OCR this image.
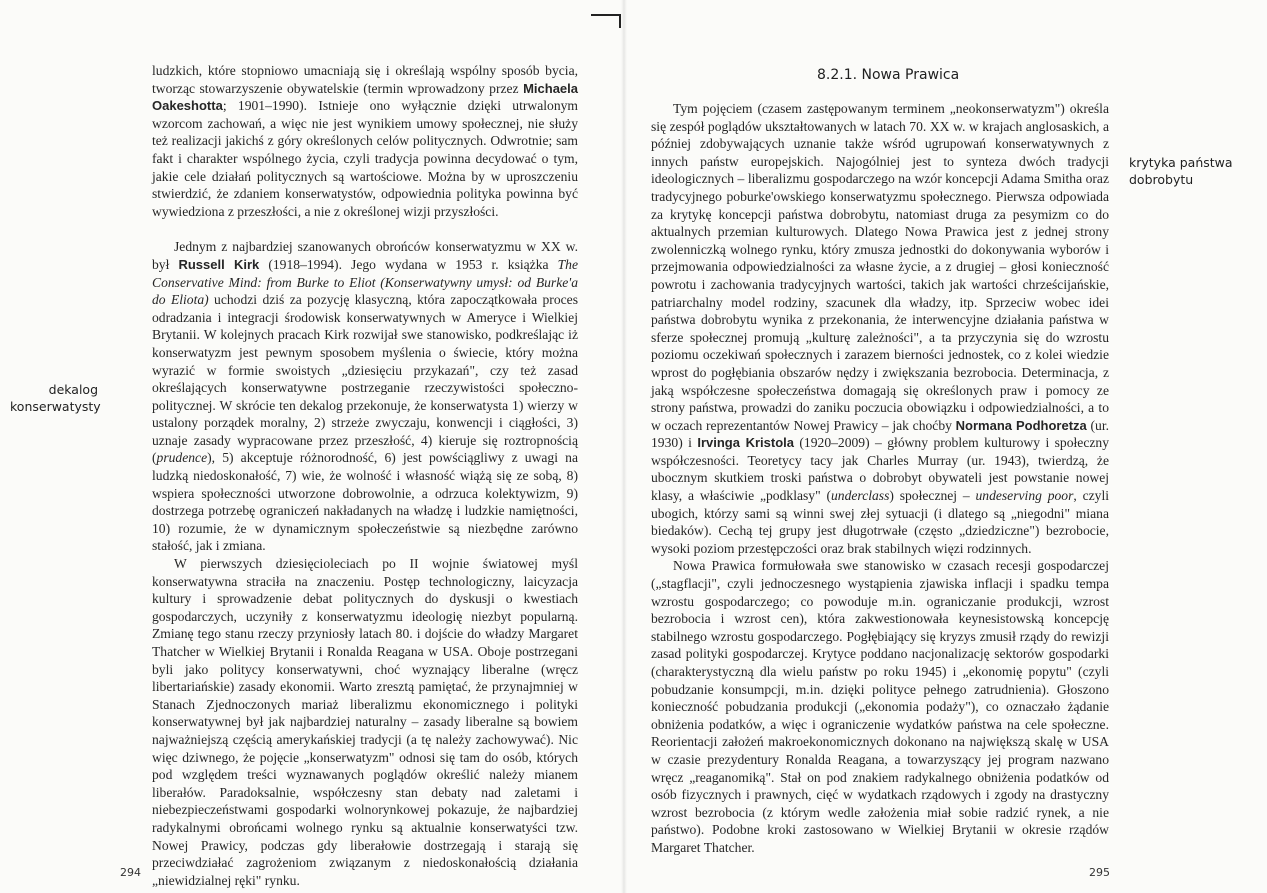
ludzkich, które stopniowo umacniają się i określają wspólny sposób bycia, tworząc stowarzyszenie obywatelskie (termin wprowadzony przez Michaela Oakeshotta; 1901–1990). Istnieje ono wyłącznie dzięki utrwalonym wzorcom zachowań, a więc nie jest wynikiem umowy społecznej, nie służy też realizacji jakichś z góry określonych celów politycznych. Odwrotnie; sam fakt i charakter wspólnego życia, czyli tradycja powinna decydować o tym, jakie cele działań politycznych są wartościowe. Można by w uproszczeniu stwierdzić, że zdaniem konserwatystów, odpowiednia polityka powinna być wywiedziona z przeszłości, a nie z określonej wizji przyszłości.

Jednym z najbardziej szanowanych obrońców konserwatyzmu w XX w. był Russell Kirk (1918–1994). Jego wydana w 1953 r. książka The Conservative Mind: from Burke to Eliot (Konserwatywny umysł: od Burke'a do Eliota) uchodzi dziś za pozycję klasyczną, która zapoczątkowała proces odradzania i integracji środowisk konserwatywnych w Ameryce i Wielkiej Brytanii. W kolejnych pracach Kirk rozwijał swe stanowisko, podkreślając iż konserwatyzm jest pewnym sposobem myślenia o świecie, który można wyrazić w formie swoistych „dziesięciu przykazań", czy też zasad określających konserwatywne postrzeganie rzeczywistości społeczno-politycznej. W skrócie ten dekalog przekonuje, że konserwatysta 1) wierzy w ustalony porządek moralny, 2) strzeże zwyczaju, konwencji i ciągłości, 3) uznaje zasady wypracowane przez przeszłość, 4) kieruje się roztropnością (prudence), 5) akceptuje różnorodność, 6) jest powściągliwy z uwagi na ludzką niedoskonałość, 7) wie, że wolność i własność wiążą się ze sobą, 8) wspiera społeczności utworzone dobrowolnie, a odrzuca kolektywizm, 9) dostrzega potrzebę ograniczeń nakładanych na władzę i ludzkie namiętności, 10) rozumie, że w dynamicznym społeczeństwie są niezbędne zarówno stałość, jak i zmiana.

W pierwszych dziesięcioleciach po II wojnie światowej myśl konserwatywna straciła na znaczeniu. Postęp technologiczny, laicyzacja kultury i sprowadzenie debat politycznych do dyskusji o kwestiach gospodarczych, uczyniły z konserwatyzmu ideologię niezbyt popularną. Zmianę tego stanu rzeczy przyniosły latach 80. i dojście do władzy Margaret Thatcher w Wielkiej Brytanii i Ronalda Reagana w USA. Oboje postrzegani byli jako politycy konserwatywni, choć wyznający liberalne (wręcz libertariańskie) zasady ekonomii. Warto zresztą pamiętać, że przynajmniej w Stanach Zjednoczonych mariaż liberalizmu ekonomicznego i polityki konserwatywnej był jak najbardziej naturalny – zasady liberalne są bowiem najważniejszą częścią amerykańskiej tradycji (a tę należy zachowywać). Nic więc dziwnego, że pojęcie „konserwatyzm" odnosi się tam do osób, których pod względem treści wyznawanych poglądów określić należy mianem liberałów. Paradoksalnie, współczesny stan debaty nad zaletami i niebezpieczeństwami gospodarki wolnorynkowej pokazuje, że najbardziej radykalnymi obrońcami wolnego rynku są aktualnie konserwatyści tzw. Nowej Prawicy, podczas gdy liberałowie dostrzegają i starają się przeciwdziałać zagrożeniom związanym z niedoskonałością działania „niewidzialnej ręki" rynku.

dekalog
konserwatysty
294
8.2.1. Nowa Prawica

Tym pojęciem (czasem zastępowanym terminem „neokonserwatyzm") określa się zespół poglądów ukształtowanych w latach 70. XX w. w krajach anglosaskich, a później zdobywających uznanie także wśród ugrupowań konserwatywnych z innych państw europejskich. Najogólniej jest to synteza dwóch tradycji ideologicznych – liberalizmu gospodarczego na wzór koncepcji Adama Smitha oraz tradycyjnego poburke'owskiego konserwatyzmu społecznego. Pierwsza odpowiada za krytykę koncepcji państwa dobrobytu, natomiast druga za pesymizm co do aktualnych przemian kulturowych. Dlatego Nowa Prawica jest z jednej strony zwolenniczką wolnego rynku, który zmusza jednostki do dokonywania wyborów i przejmowania odpowiedzialności za własne życie, a z drugiej – głosi konieczność powrotu i zachowania tradycyjnych wartości, takich jak wartości chrześcijańskie, patriarchalny model rodziny, szacunek dla władzy, itp. Sprzeciw wobec idei państwa dobrobytu wynika z przekonania, że interwencyjne działania państwa w sferze społecznej promują „kulturę zależności", a ta przyczynia się do wzrostu poziomu oczekiwań społecznych i zarazem bierności jednostek, co z kolei wiedzie wprost do pogłębiania obszarów nędzy i zwiększania bezrobocia. Determinacja, z jaką współczesne społeczeństwa domagają się określonych praw i pomocy ze strony państwa, prowadzi do zaniku poczucia obowiązku i odpowiedzialności, a to w oczach reprezentantów Nowej Prawicy – jak choćby Normana Podhoretza (ur. 1930) i Irvinga Kristola (1920–2009) – główny problem kulturowy i społeczny współczesności. Teoretycy tacy jak Charles Murray (ur. 1943), twierdzą, że ubocznym skutkiem troski państwa o dobrobyt obywateli jest powstanie nowej klasy, a właściwie „podklasy" (underclass) społecznej – undeserving poor, czyli ubogich, którzy sami są winni swej złej sytuacji (i dlatego są „niegodni" miana biedaków). Cechą tej grupy jest długotrwałe (często „dziedziczne") bezrobocie, wysoki poziom przestępczości oraz brak stabilnych więzi rodzinnych.

Nowa Prawica formułowała swe stanowisko w czasach recesji gospodarczej („stagflacji", czyli jednoczesnego wystąpienia zjawiska inflacji i spadku tempa wzrostu gospodarczego; co powoduje m.in. ograniczanie produkcji, wzrost bezrobocia i wzrost cen), która zakwestionowała keynesistowską koncepcję stabilnego wzrostu gospodarczego. Pogłębiający się kryzys zmusił rządy do rewizji zasad polityki gospodarczej. Krytyce poddano nacjonalizację sektorów gospodarki (charakterystyczną dla wielu państw po roku 1945) i „ekonomię popytu" (czyli pobudzanie konsumpcji, m.in. dzięki polityce pełnego zatrudnienia). Głoszono konieczność pobudzania produkcji („ekonomia podaży"), co oznaczało żądanie obniżenia podatków, a więc i ograniczenie wydatków państwa na cele społeczne. Reorientacji założeń makroekonomicznych dokonano na największą skalę w USA w czasie prezydentury Ronalda Reagana, a towarzyszący jej program nazwano wręcz „reaganomiką". Stał on pod znakiem radykalnego obniżenia podatków od osób fizycznych i prawnych, cięć w wydatkach rządowych i zgody na drastyczny wzrost bezrobocia (z którym wedle założenia miał sobie radzić rynek, a nie państwo). Podobne kroki zastosowano w Wielkiej Brytanii w okresie rządów Margaret Thatcher.

krytyka państwa
dobrobytu
295
